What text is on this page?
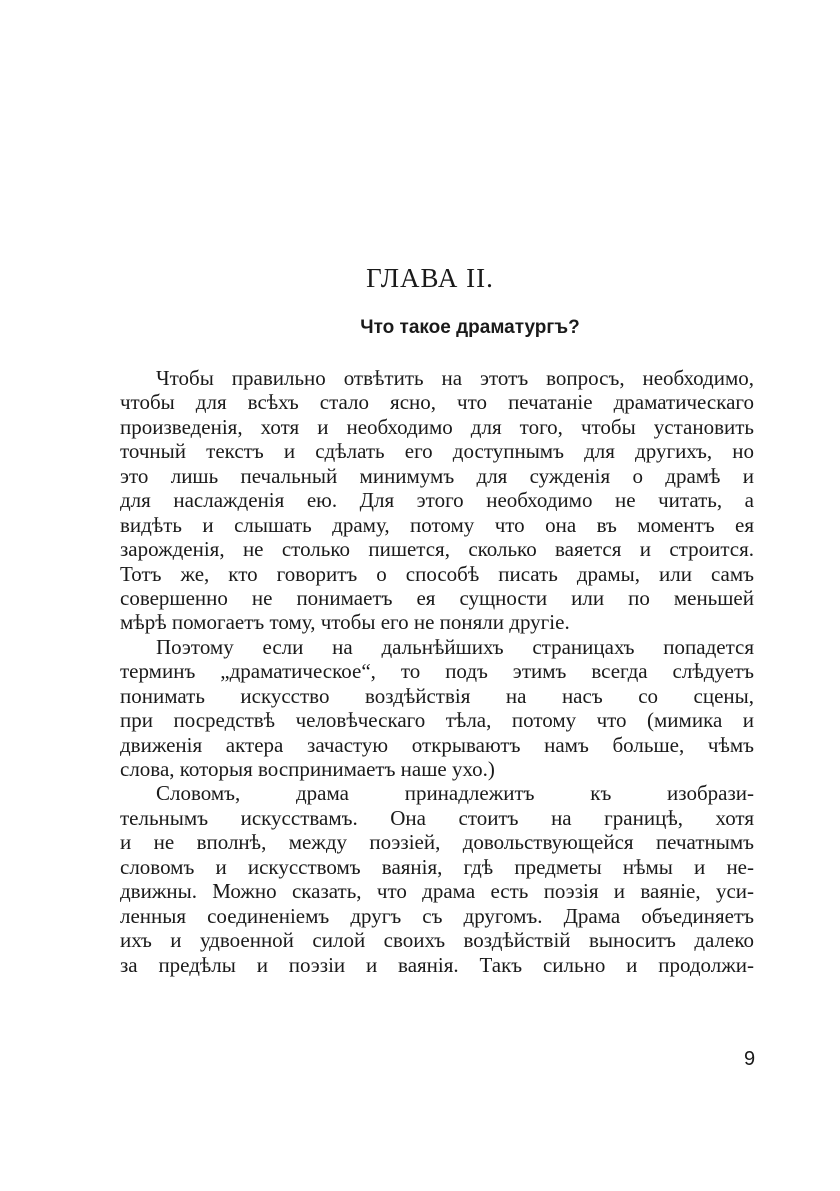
ГЛАВА II.
Что такое драматургъ?
Чтобы правильно отвѣтить на этотъ вопросъ, необходимо,
чтобы для всѣхъ стало ясно, что печатаніе драматическаго
произведенія, хотя и необходимо для того, чтобы установить
точный текстъ и сдѣлать его доступнымъ для другихъ, но
это лишь печальный минимумъ для сужденія о драмѣ и
для наслажденія ею. Для этого необходимо не читать, а
видѣть и слышать драму, потому что она въ моментъ ея
зарожденія, не столько пишется, сколько ваяется и строится.
Тотъ же, кто говоритъ о способѣ писать драмы, или самъ
совершенно не понимаетъ ея сущности или по меньшей
мѣрѣ помогаетъ тому, чтобы его не поняли другіе.
Поэтому если на дальнѣйшихъ страницахъ попадется
терминъ „драматическое“, то подъ этимъ всегда слѣдуетъ
понимать искусство воздѣйствія на насъ со сцены,
при посредствѣ человѣческаго тѣла, потому что (мимика и
движенія актера зачастую открываютъ намъ больше, чѣмъ
слова, которыя воспринимаетъ наше ухо.)
Словомъ, драма принадлежитъ къ изобрази-
тельнымъ искусствамъ. Она стоитъ на границѣ, хотя
и не вполнѣ, между поэзіей, довольствующейся печатнымъ
словомъ и искусствомъ ваянія, гдѣ предметы нѣмы и не-
движны. Можно сказать, что драма есть поэзія и ваяніе, уси-
ленныя соединеніемъ другъ съ другомъ. Драма объединяетъ
ихъ и удвоенной силой своихъ воздѣйствій выноситъ далеко
за предѣлы и поэзіи и ваянія. Такъ сильно и продолжи-
9
